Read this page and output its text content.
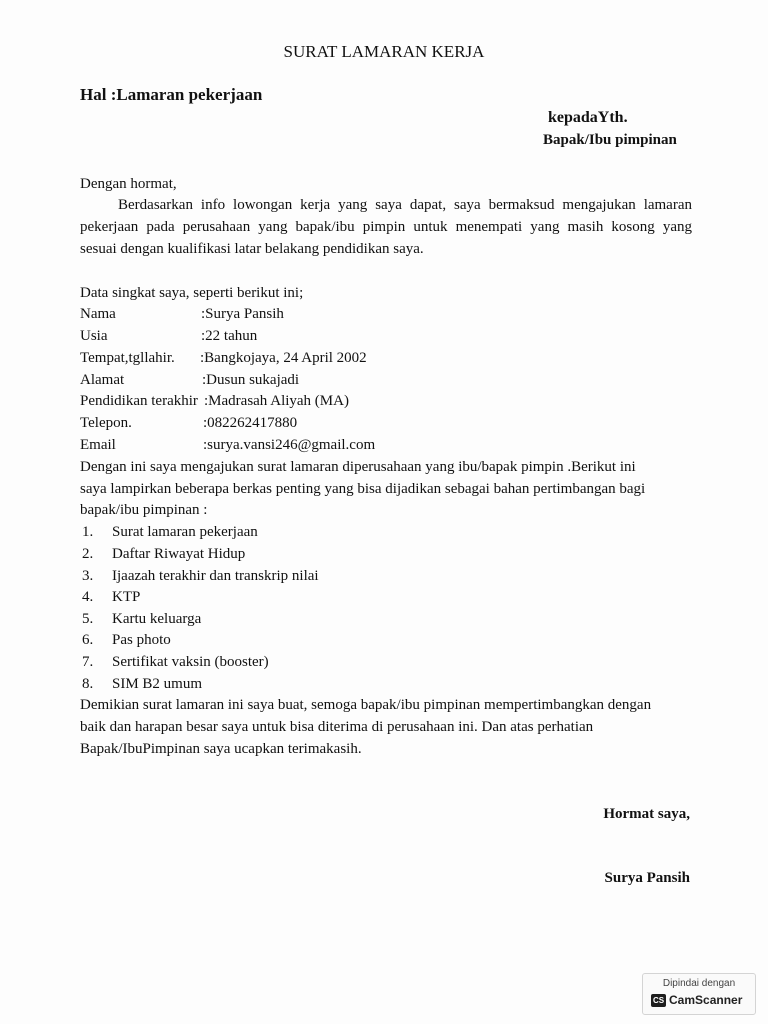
SURAT LAMARAN KERJA
Hal :Lamaran pekerjaan
kepadaYth.
Bapak/Ibu pimpinan
Dengan hormat,
Berdasarkan info lowongan kerja yang saya dapat, saya bermaksud mengajukan lamaran
pekerjaan pada perusahaan yang bapak/ibu pimpin untuk menempati yang masih kosong yang
sesuai dengan kualifikasi latar belakang pendidikan saya.
Data singkat saya, seperti berikut ini;
Nama	:Surya Pansih
Usia	:22 tahun
Tempat,tgllahir. :Bangkojaya, 24 April 2002
Alamat	:Dusun sukajadi
Pendidikan terakhir :Madrasah Aliyah (MA)
Telepon.	:082262417880
Email	:surya.vansi246@gmail.com
Dengan ini saya mengajukan surat lamaran diperusahaan yang ibu/bapak pimpin .Berikut ini
saya lampirkan beberapa berkas penting yang bisa dijadikan sebagai bahan pertimbangan bagi
bapak/ibu pimpinan :
1. Surat lamaran pekerjaan
2. Daftar Riwayat Hidup
3. Ijaazah terakhir dan transkrip nilai
4. KTP
5. Kartu keluarga
6. Pas photo
7. Sertifikat vaksin (booster)
8. SIM B2 umum
Demikian surat lamaran ini saya buat, semoga bapak/ibu pimpinan mempertimbangkan dengan
baik dan harapan besar saya untuk bisa diterima di perusahaan ini. Dan atas perhatian
Bapak/IbuPimpinan saya ucapkan terimakasih.
Hormat saya,
Surya Pansih
Dipindai dengan
CS CamScanner
